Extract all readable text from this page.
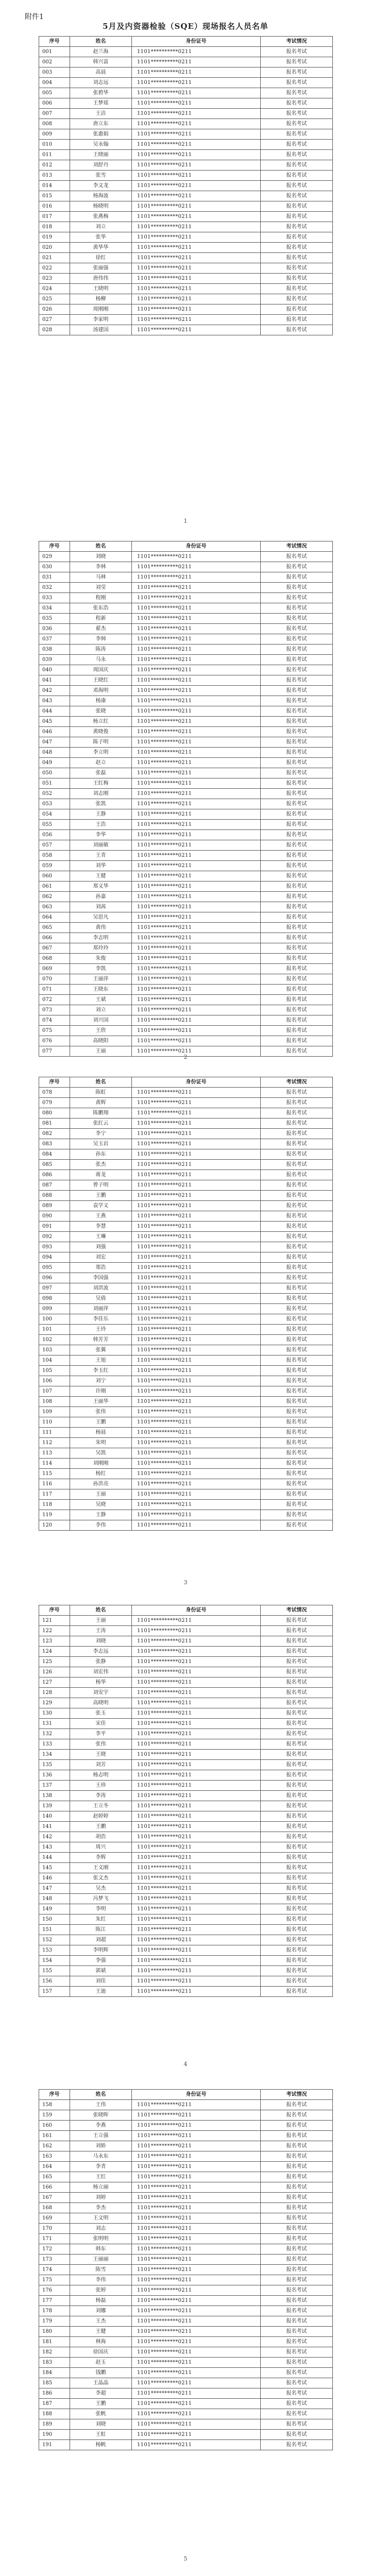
附件1
5月及内资器检验（SQE）现场报名人员名单
序号	姓名	身份证号	考试情况
001	赵兰海	1101**********0211	报名考试
002	韩兴富	1101**********0211	报名考试
003	高晨	1101**********0211	报名考试
004	刘志远	1101**********0211	报名考试
005	张碧华	1101**********0211	报名考试
006	王梦瑶	1101**********0211	报名考试
007	王洁	1101**********0211	报名考试
008	唐立东	1101**********0211	报名考试
009	张惠娟	1101**********0211	报名考试
010	吴永翰	1101**********0211	报名考试
011	王晓丽	1101**********0211	报名考试
012	刘舒丹	1101**********0211	报名考试
013	张雪	1101**********0211	报名考试
014	李文龙	1101**********0211	报名考试
015	杨海波	1101**********0211	报名考试
016	杨晓明	1101**********0211	报名考试
017	张燕梅	1101**********0211	报名考试
018	刘立	1101**********0211	报名考试
019	张华	1101**********0211	报名考试
020	黄华华	1101**********0211	报名考试
021	徐红	1101**********0211	报名考试
022	张丽强	1101**********0211	报名考试
023	唐伟伟	1101**********0211	报名考试
024	王晓明	1101**********0211	报名考试
025	杨柳	1101**********0211	报名考试
026	周刚刚	1101**********0211	报名考试
027	李家明	1101**********0211	报名考试
028	汤建国	1101**********0211	报名考试
1
序号	姓名	身份证号	考试情况
029	刘晓	1101**********0211	报名考试
030	李林	1101**********0211	报名考试
031	马林	1101**********0211	报名考试
032	刘莹	1101**********0211	报名考试
033	程刚	1101**********0211	报名考试
034	张东浩	1101**********0211	报名考试
035	程新	1101**********0211	报名考试
036	翟杰	1101**********0211	报名考试
037	李帅	1101**********0211	报名考试
038	陈涛	1101**********0211	报名考试
039	马永	1101**********0211	报名考试
040	周国庆	1101**********0211	报名考试
041	王晓红	1101**********0211	报名考试
042	邓海明	1101**********0211	报名考试
043	杨康	1101**********0211	报名考试
044	张晓	1101**********0211	报名考试
045	杨立红	1101**********0211	报名考试
046	黄晓俊	1101**********0211	报名考试
047	陈子明	1101**********0211	报名考试
048	李立明	1101**********0211	报名考试
049	赵立	1101**********0211	报名考试
050	张磊	1101**********0211	报名考试
051	王红梅	1101**********0211	报名考试
052	刘志刚	1101**********0211	报名考试
053	张凯	1101**********0211	报名考试
054	王静	1101**********0211	报名考试
055	王浩	1101**********0211	报名考试
056	李华	1101**********0211	报名考试
057	刘丽敏	1101**********0211	报名考试
058	王青	1101**********0211	报名考试
059	刘华	1101**********0211	报名考试
060	王健	1101**********0211	报名考试
061	郑义华	1101**********0211	报名考试
062	孙嘉	1101**********0211	报名考试
063	刘茜	1101**********0211	报名考试
064	吴思凡	1101**********0211	报名考试
065	黄伟	1101**********0211	报名考试
066	李志明	1101**********0211	报名考试
067	郑玲玲	1101**********0211	报名考试
068	朱俊	1101**********0211	报名考试
069	李凯	1101**********0211	报名考试
070	王丽萍	1101**********0211	报名考试
071	王晓东	1101**********0211	报名考试
072	王斌	1101**********0211	报名考试
073	刘立	1101**********0211	报名考试
074	刘兴国	1101**********0211	报名考试
075	王欣	1101**********0211	报名考试
076	高晓阳	1101**********0211	报名考试
077	王丽	1101**********0211	报名考试
2
序号	姓名	身份证号	考试情况
078	陈虹	1101**********0211	报名考试
079	黄辉	1101**********0211	报名考试
080	陈鹏翔	1101**********0211	报名考试
081	张红云	1101**********0211	报名考试
082	李宁	1101**********0211	报名考试
083	吴玉岩	1101**********0211	报名考试
084	孙东	1101**********0211	报名考试
085	张杰	1101**********0211	报名考试
086	蒋龙	1101**********0211	报名考试
087	曾子明	1101**********0211	报名考试
088	王鹏	1101**********0211	报名考试
089	袁学义	1101**********0211	报名考试
090	王燕	1101**********0211	报名考试
091	李慧	1101**********0211	报名考试
092	王琳	1101**********0211	报名考试
093	刘强	1101**********0211	报名考试
094	刘宏	1101**********0211	报名考试
095	郑浩	1101**********0211	报名考试
096	李国强	1101**********0211	报名考试
097	刘洪波	1101**********0211	报名考试
098	吴倩	1101**********0211	报名考试
099	刘丽萍	1101**********0211	报名考试
100	李佳乐	1101**********0211	报名考试
101	王玲	1101**********0211	报名考试
102	韩芳芳	1101**********0211	报名考试
103	张翼	1101**********0211	报名考试
104	王旭	1101**********0211	报名考试
105	李玉红	1101**********0211	报名考试
106	刘宁	1101**********0211	报名考试
107	许刚	1101**********0211	报名考试
108	王丽华	1101**********0211	报名考试
109	张伟	1101**********0211	报名考试
110	王鹏	1101**********0211	报名考试
111	杨晨	1101**********0211	报名考试
112	朱明	1101**********0211	报名考试
113	吴凯	1101**********0211	报名考试
114	刘刚刚	1101**********0211	报名考试
115	杨红	1101**********0211	报名考试
116	孙洪亮	1101**********0211	报名考试
117	王丽	1101**********0211	报名考试
118	吴晓	1101**********0211	报名考试
119	王静	1101**********0211	报名考试
120	李伟	1101**********0211	报名考试
3
序号	姓名	身份证号	考试情况
121	王丽	1101**********0211	报名考试
122	王涛	1101**********0211	报名考试
123	刘晓	1101**********0211	报名考试
124	李志远	1101**********0211	报名考试
125	张静	1101**********0211	报名考试
126	刘宏伟	1101**********0211	报名考试
127	杨华	1101**********0211	报名考试
128	刘安宇	1101**********0211	报名考试
129	高晓明	1101**********0211	报名考试
130	张玉	1101**********0211	报名考试
131	宋佳	1101**********0211	报名考试
132	李平	1101**********0211	报名考试
133	张伟	1101**********0211	报名考试
134	王晓	1101**********0211	报名考试
135	刘芳	1101**********0211	报名考试
136	杨志明	1101**********0211	报名考试
137	王珍	1101**********0211	报名考试
138	李涛	1101**********0211	报名考试
139	王立冬	1101**********0211	报名考试
140	赵婷婷	1101**********0211	报名考试
141	王鹏	1101**********0211	报名考试
142	胡浩	1101**********0211	报名考试
143	周兴	1101**********0211	报名考试
144	李辉	1101**********0211	报名考试
145	王义刚	1101**********0211	报名考试
146	张文杰	1101**********0211	报名考试
147	吴杰	1101**********0211	报名考试
148	冯梦飞	1101**********0211	报名考试
149	李明	1101**********0211	报名考试
150	朱红	1101**********0211	报名考试
151	陈江	1101**********0211	报名考试
152	刘超	1101**********0211	报名考试
153	李明辉	1101**********0211	报名考试
154	李强	1101**********0211	报名考试
155	郭斌	1101**********0211	报名考试
156	刘佳	1101**********0211	报名考试
157	王迪	1101**********0211	报名考试
4
序号	姓名	身份证号	考试情况
158	王伟	1101**********0211	报名考试
159	张晓晖	1101**********0211	报名考试
160	李燕	1101**********0211	报名考试
161	王立强	1101**********0211	报名考试
162	刘娇	1101**********0211	报名考试
163	马永东	1101**********0211	报名考试
164	李青	1101**********0211	报名考试
165	王红	1101**********0211	报名考试
166	杨立丽	1101**********0211	报名考试
167	刘婷	1101**********0211	报名考试
168	李杰	1101**********0211	报名考试
169	王文明	1101**********0211	报名考试
170	刘志	1101**********0211	报名考试
171	张明明	1101**********0211	报名考试
172	韩东	1101**********0211	报名考试
173	王丽丽	1101**********0211	报名考试
174	陈雪	1101**********0211	报名考试
175	李伟	1101**********0211	报名考试
176	张婷	1101**********0211	报名考试
177	杨磊	1101**********0211	报名考试
178	刘娜	1101**********0211	报名考试
179	王杰	1101**********0211	报名考试
180	王健	1101**********0211	报名考试
181	林海	1101**********0211	报名考试
182	徐国庆	1101**********0211	报名考试
183	赵玉	1101**********0211	报名考试
184	钱鹏	1101**********0211	报名考试
185	王晶晶	1101**********0211	报名考试
186	李超	1101**********0211	报名考试
187	王鹏	1101**********0211	报名考试
188	张帆	1101**********0211	报名考试
189	刘晓	1101**********0211	报名考试
190	王虹	1101**********0211	报名考试
191	杨帆	1101**********0211	报名考试
5
